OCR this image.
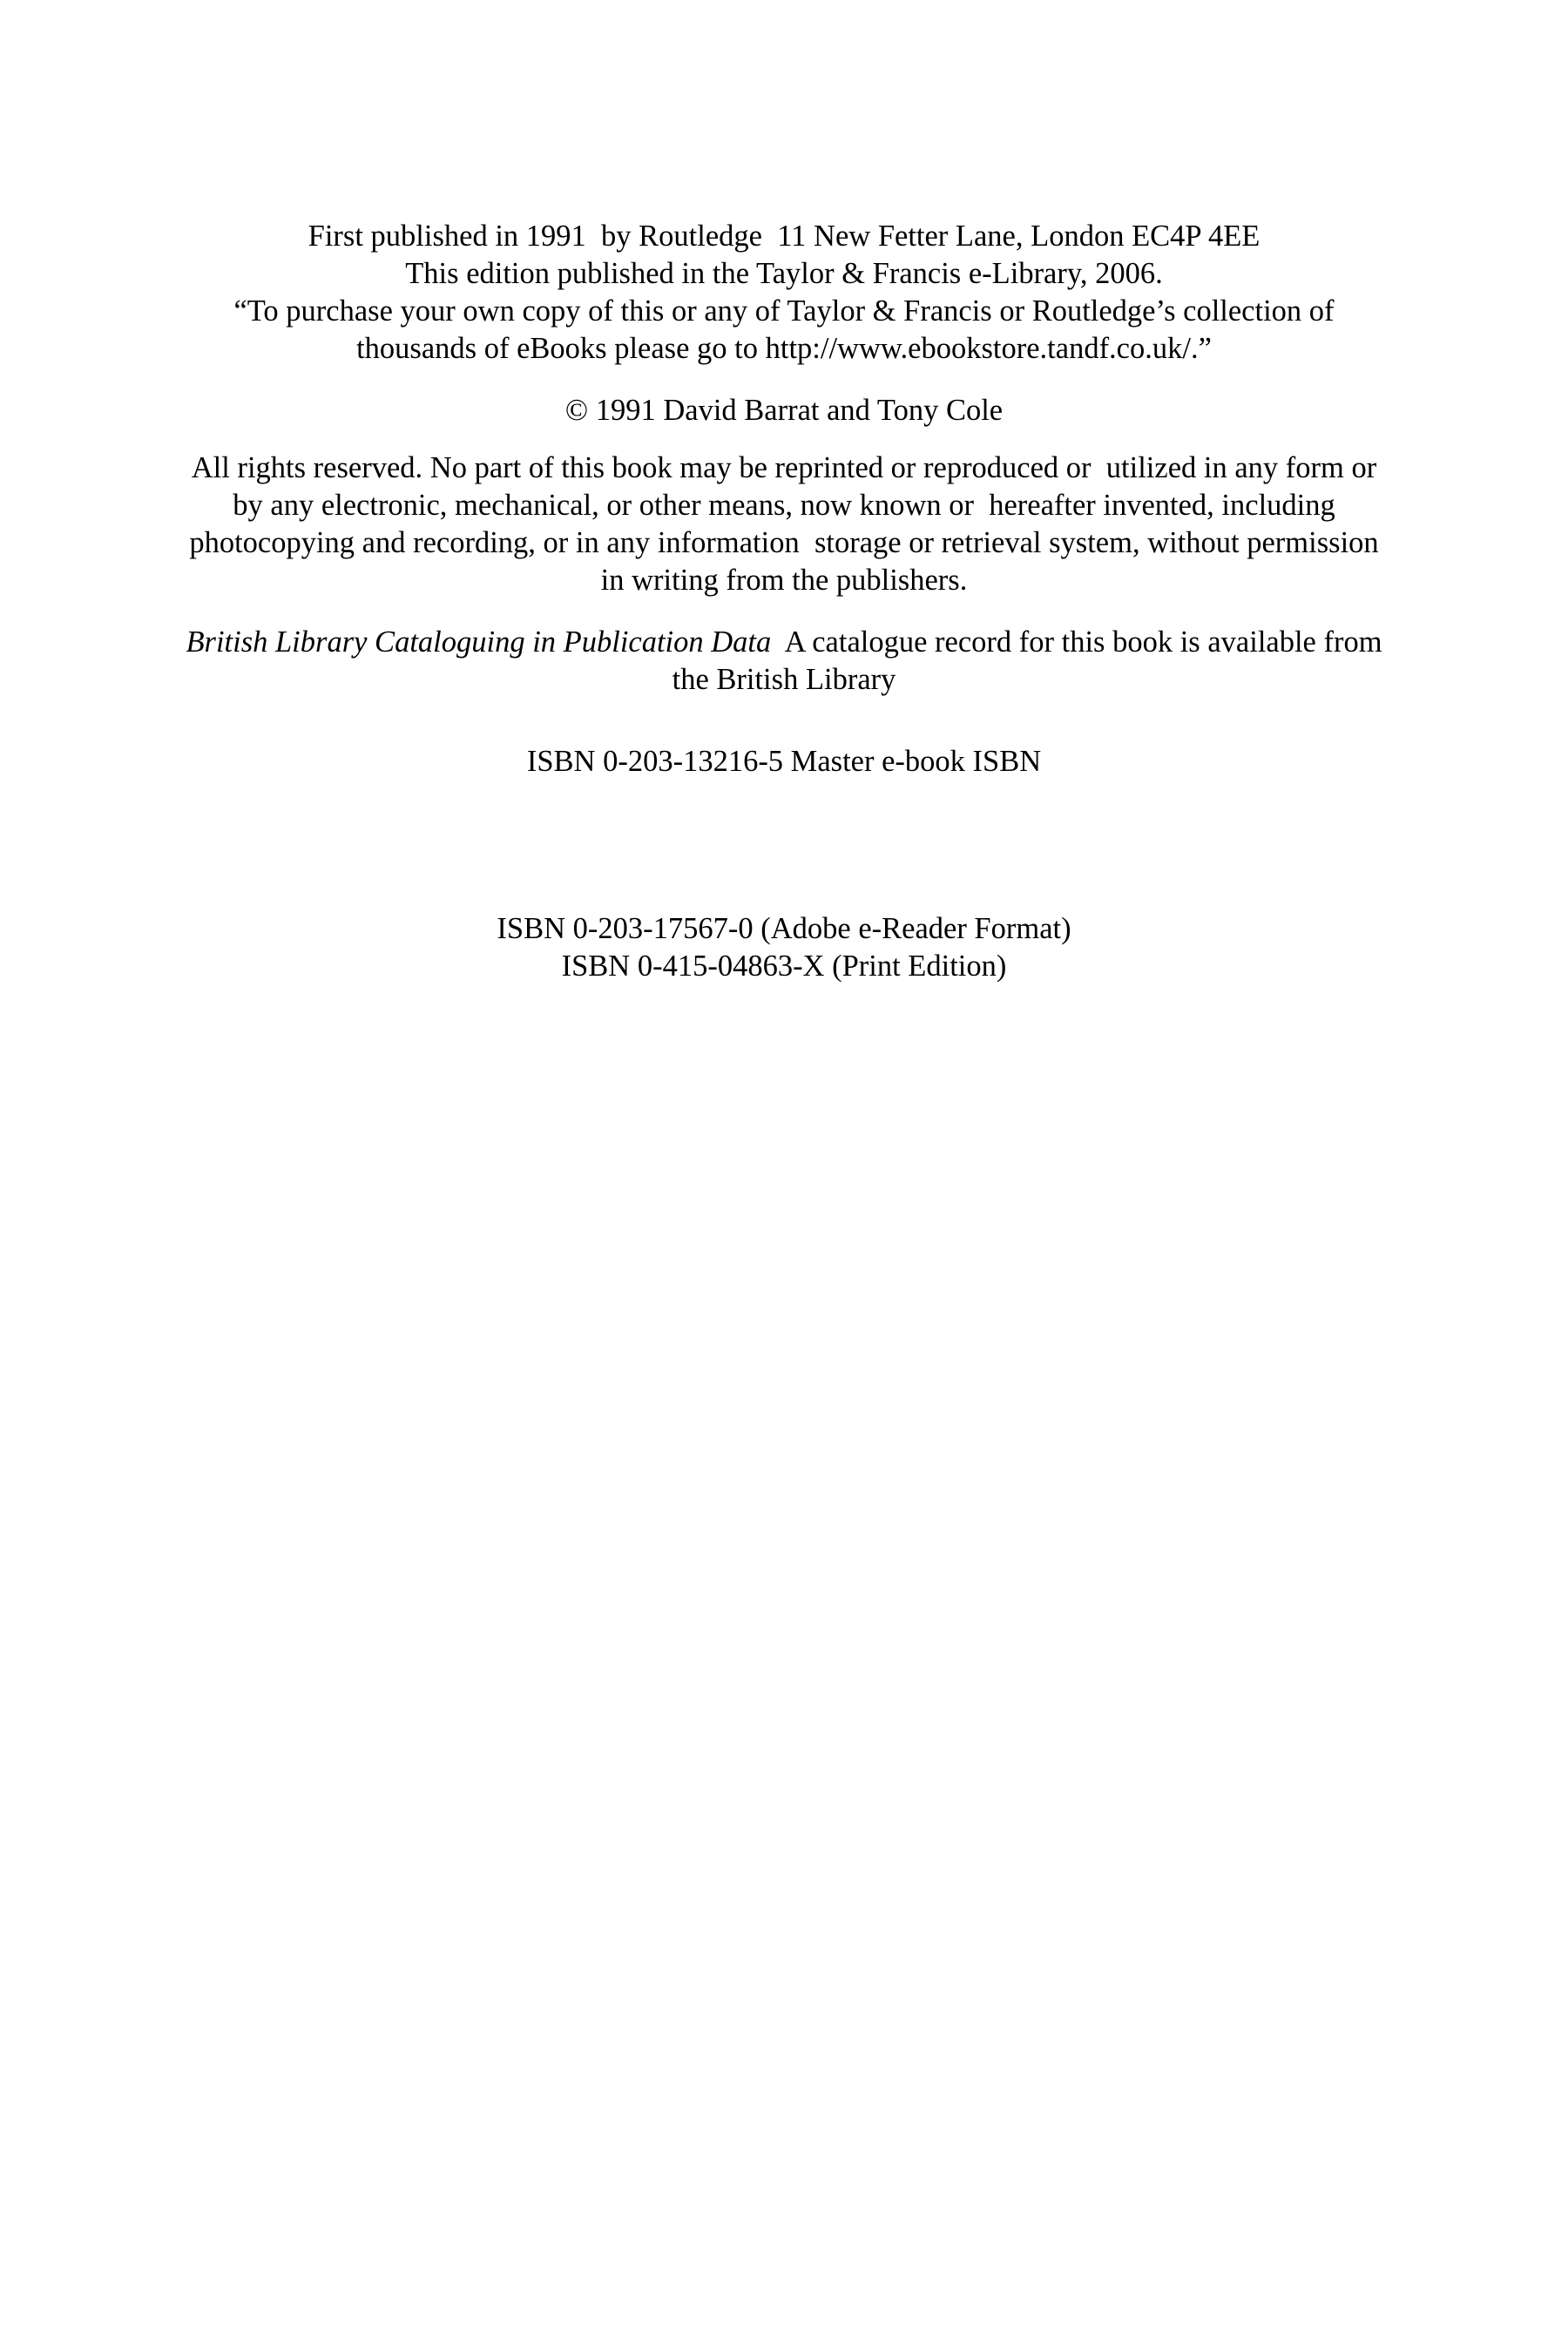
First published in 1991  by Routledge  11 New Fetter Lane, London EC4P 4EE
This edition published in the Taylor & Francis e-Library, 2006.
“To purchase your own copy of this or any of Taylor & Francis or Routledge’s collection of
thousands of eBooks please go to http://www.ebookstore.tandf.co.uk/.”
© 1991 David Barrat and Tony Cole
All rights reserved. No part of this book may be reprinted or reproduced or  utilized in any form or
by any electronic, mechanical, or other means, now known or  hereafter invented, including
photocopying and recording, or in any information  storage or retrieval system, without permission
in writing from the publishers.
British Library Cataloguing in Publication Data  A catalogue record for this book is available from
the British Library
ISBN 0-203-13216-5 Master e-book ISBN
ISBN 0-203-17567-0 (Adobe e-Reader Format)
ISBN 0-415-04863-X (Print Edition)
